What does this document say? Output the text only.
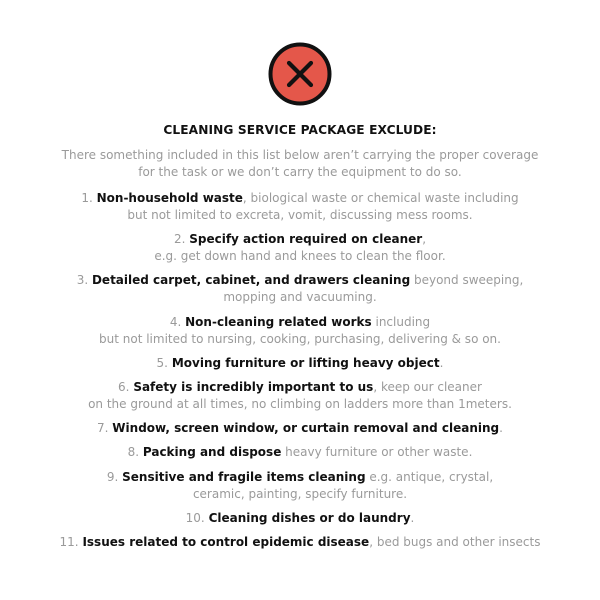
CLEANING SERVICE PACKAGE EXCLUDE:
There something included in this list below aren’t carrying the proper coverage for the task or we don’t carry the equipment to do so.
1. Non-household waste, biological waste or chemical waste including
but not limited to excreta, vomit, discussing mess rooms.
2. Specify action required on cleaner,
e.g. get down hand and knees to clean the floor.
3. Detailed carpet, cabinet, and drawers cleaning beyond sweeping,
mopping and vacuuming.
4. Non-cleaning related works including
but not limited to nursing, cooking, purchasing, delivering & so on.
5. Moving furniture or lifting heavy object.
6. Safety is incredibly important to us, keep our cleaner
on the ground at all times, no climbing on ladders more than 1meters.
7. Window, screen window, or curtain removal and cleaning.
8. Packing and dispose heavy furniture or other waste.
9. Sensitive and fragile items cleaning e.g. antique, crystal,
ceramic, painting, specify furniture.
10. Cleaning dishes or do laundry.
11. Issues related to control epidemic disease, bed bugs and other insects
